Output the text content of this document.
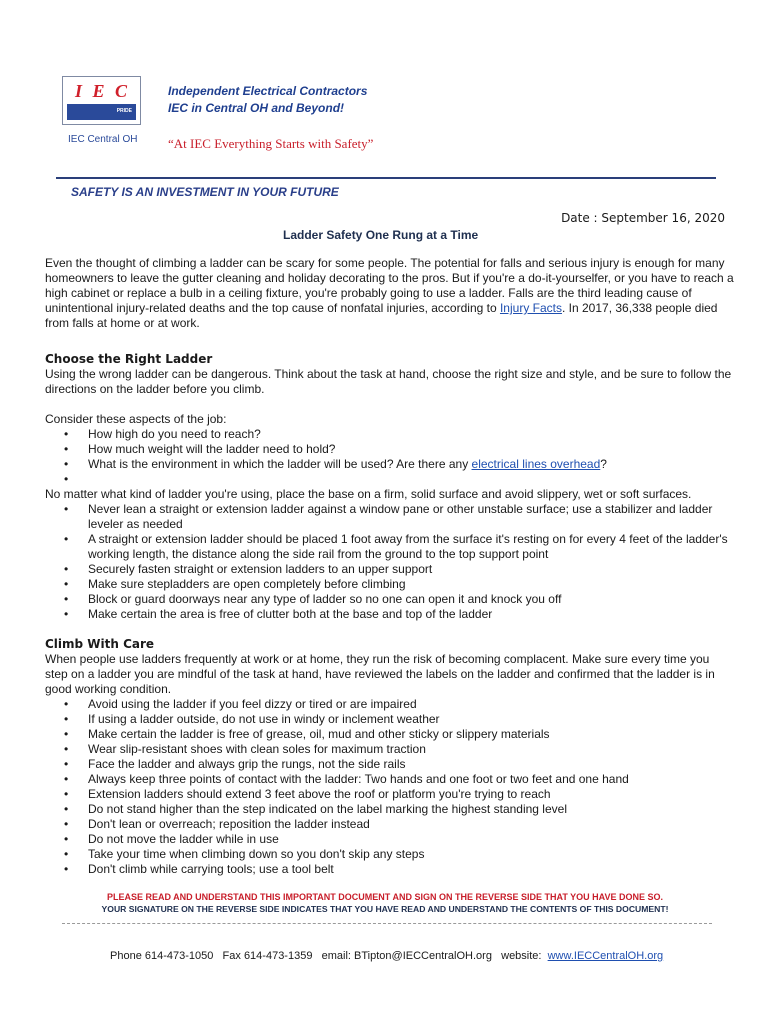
I E C
PRIDE
IEC Central OH
Independent Electrical Contractors
IEC in Central OH and Beyond!
“At IEC Everything Starts with Safety”
SAFETY IS AN INVESTMENT IN YOUR FUTURE
Date : September 16, 2020
Ladder Safety One Rung at a Time

Even the thought of climbing a ladder can be scary for some people. The potential for falls and serious injury is enough for many homeowners to leave the gutter cleaning and holiday decorating to the pros. But if you're a do-it-yourselfer, or you have to reach a high cabinet or replace a bulb in a ceiling fixture, you're probably going to use a ladder. Falls are the third leading cause of unintentional injury-related deaths and the top cause of nonfatal injuries, according to Injury Facts. In 2017, 36,338 people died from falls at home or at work.

Choose the Right Ladder

Using the wrong ladder can be dangerous. Think about the task at hand, choose the right size and style, and be sure to follow the directions on the ladder before you climb.

Consider these aspects of the job:

• How high do you need to reach?
• How much weight will the ladder need to hold?
• What is the environment in which the ladder will be used? Are there any electrical lines overhead?
•

No matter what kind of ladder you're using, place the base on a firm, solid surface and avoid slippery, wet or soft surfaces.

• Never lean a straight or extension ladder against a window pane or other unstable surface; use a stabilizer and ladder leveler as needed
• A straight or extension ladder should be placed 1 foot away from the surface it's resting on for every 4 feet of the ladder's working length, the distance along the side rail from the ground to the top support point
• Securely fasten straight or extension ladders to an upper support
• Make sure stepladders are open completely before climbing
• Block or guard doorways near any type of ladder so no one can open it and knock you off
• Make certain the area is free of clutter both at the base and top of the ladder

Climb With Care

When people use ladders frequently at work or at home, they run the risk of becoming complacent. Make sure every time you step on a ladder you are mindful of the task at hand, have reviewed the labels on the ladder and confirmed that the ladder is in good working condition.

• Avoid using the ladder if you feel dizzy or tired or are impaired
• If using a ladder outside, do not use in windy or inclement weather
• Make certain the ladder is free of grease, oil, mud and other sticky or slippery materials
• Wear slip-resistant shoes with clean soles for maximum traction
• Face the ladder and always grip the rungs, not the side rails
• Always keep three points of contact with the ladder: Two hands and one foot or two feet and one hand
• Extension ladders should extend 3 feet above the roof or platform you're trying to reach
• Do not stand higher than the step indicated on the label marking the highest standing level
• Don't lean or overreach; reposition the ladder instead
• Do not move the ladder while in use
• Take your time when climbing down so you don't skip any steps
• Don't climb while carrying tools; use a tool belt
PLEASE READ AND UNDERSTAND THIS IMPORTANT DOCUMENT AND SIGN ON THE REVERSE SIDE THAT YOU HAVE DONE SO.
YOUR SIGNATURE ON THE REVERSE SIDE INDICATES THAT YOU HAVE READ AND UNDERSTAND THE CONTENTS OF THIS DOCUMENT!
Phone 614-473-1050 Fax 614-473-1359 email: BTipton@IECCentralOH.org website: www.IECCentralOH.org
